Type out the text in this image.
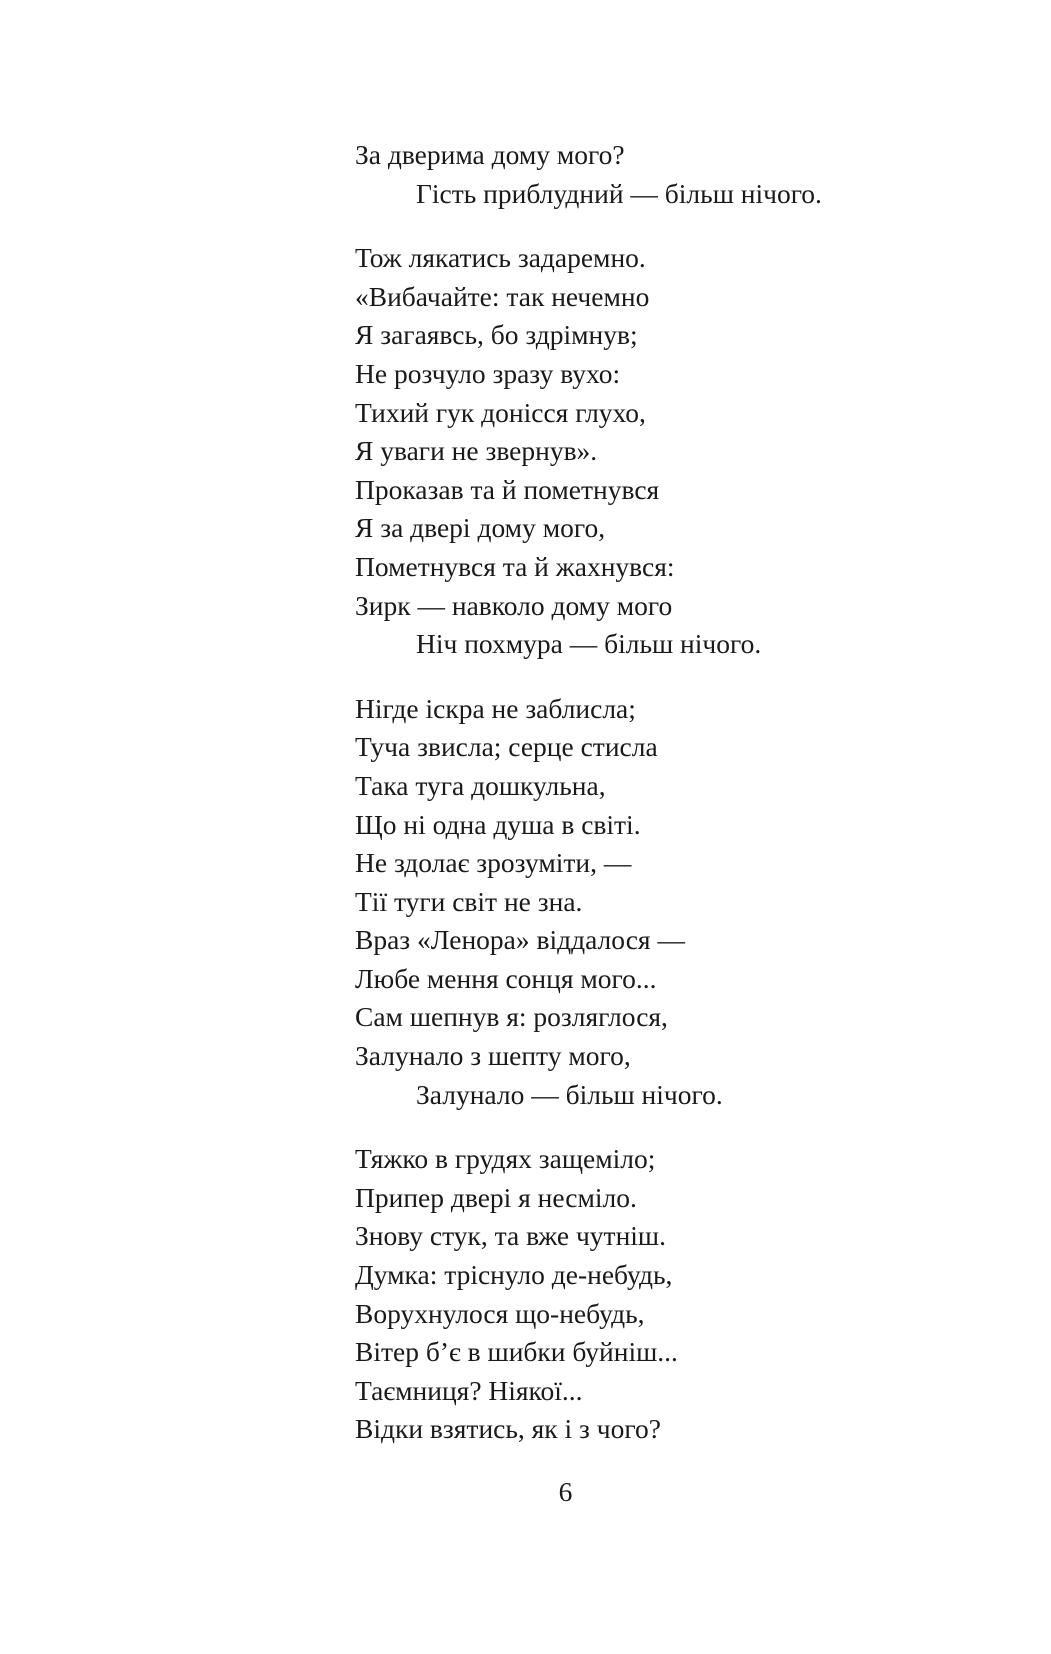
За дверима дому мого?
Гість приблудний — більш нічого.
Тож лякатись задаремно.
«Вибачайте: так нечемно
Я загаявсь, бо здрімнув;
Не розчуло зразу вухо:
Тихий гук донісся глухо,
Я уваги не звернув».
Проказав та й пометнувся
Я за двері дому мого,
Пометнувся та й жахнувся:
Зирк — навколо дому мого
Ніч похмура — більш нічого.
Нігде іскра не заблисла;
Туча звисла; серце стисла
Така туга дошкульна,
Що ні одна душа в світі.
Не здолає зрозуміти, —
Тії туги світ не зна.
Враз «Ленора» віддалося —
Любе мення сонця мого...
Сам шепнув я: розляглося,
Залунало з шепту мого,
Залунало — більш нічого.
Тяжко в грудях защеміло;
Припер двері я несміло.
Знову стук, та вже чутніш.
Думка: тріснуло де-небудь,
Ворухнулося що-небудь,
Вітер б’є в шибки буйніш...
Таємниця? Ніякої...
Відки взятись, як і з чого?
6
